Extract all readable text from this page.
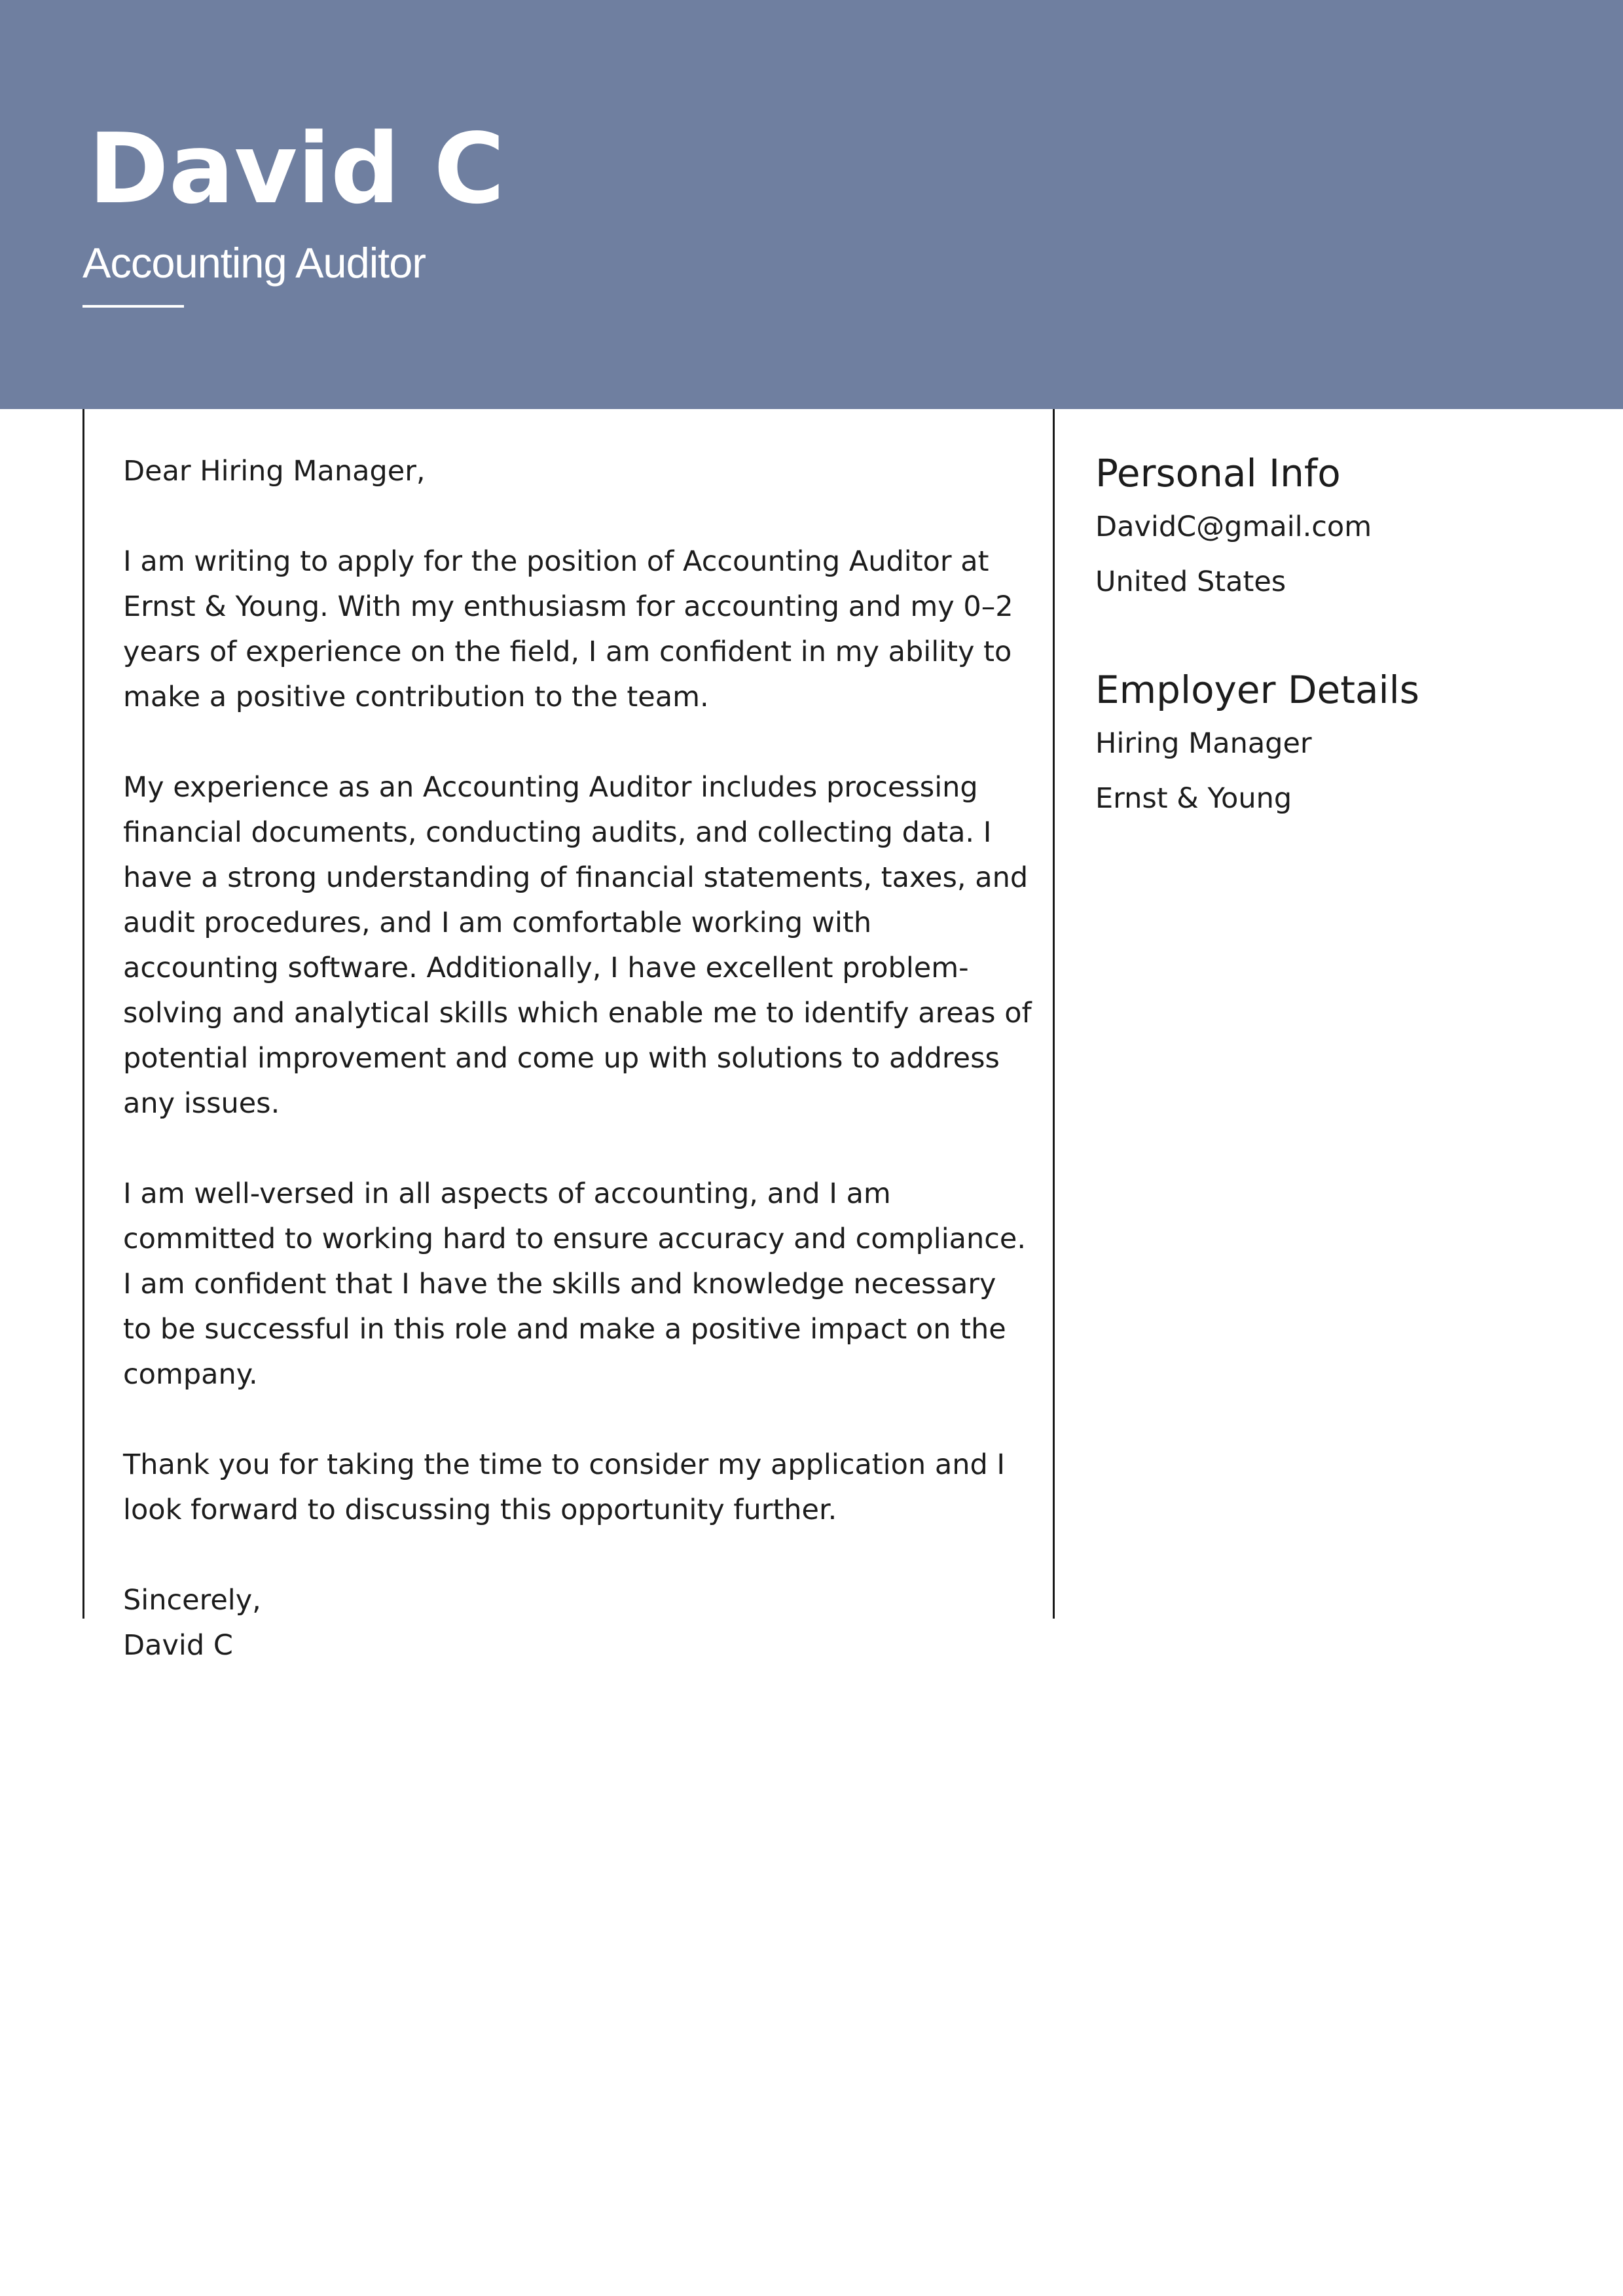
David C
Accounting Auditor

Dear Hiring Manager,

I am writing to apply for the position of Accounting Auditor at Ernst & Young. With my enthusiasm for accounting and my 0–2 years of experience on the field, I am confident in my ability to make a positive contribution to the team.

My experience as an Accounting Auditor includes processing financial documents, conducting audits, and collecting data. I have a strong understanding of financial statements, taxes, and audit procedures, and I am comfortable working with accounting software. Additionally, I have excellent problem-solving and analytical skills which enable me to identify areas of potential improvement and come up with solutions to address any issues.

I am well-versed in all aspects of accounting, and I am committed to working hard to ensure accuracy and compliance. I am confident that I have the skills and knowledge necessary to be successful in this role and make a positive impact on the company.

Thank you for taking the time to consider my application and I look forward to discussing this opportunity further.

Sincerely,

David C

Personal Info
DavidC@gmail.com
United States
Employer Details
Hiring Manager
Ernst & Young
